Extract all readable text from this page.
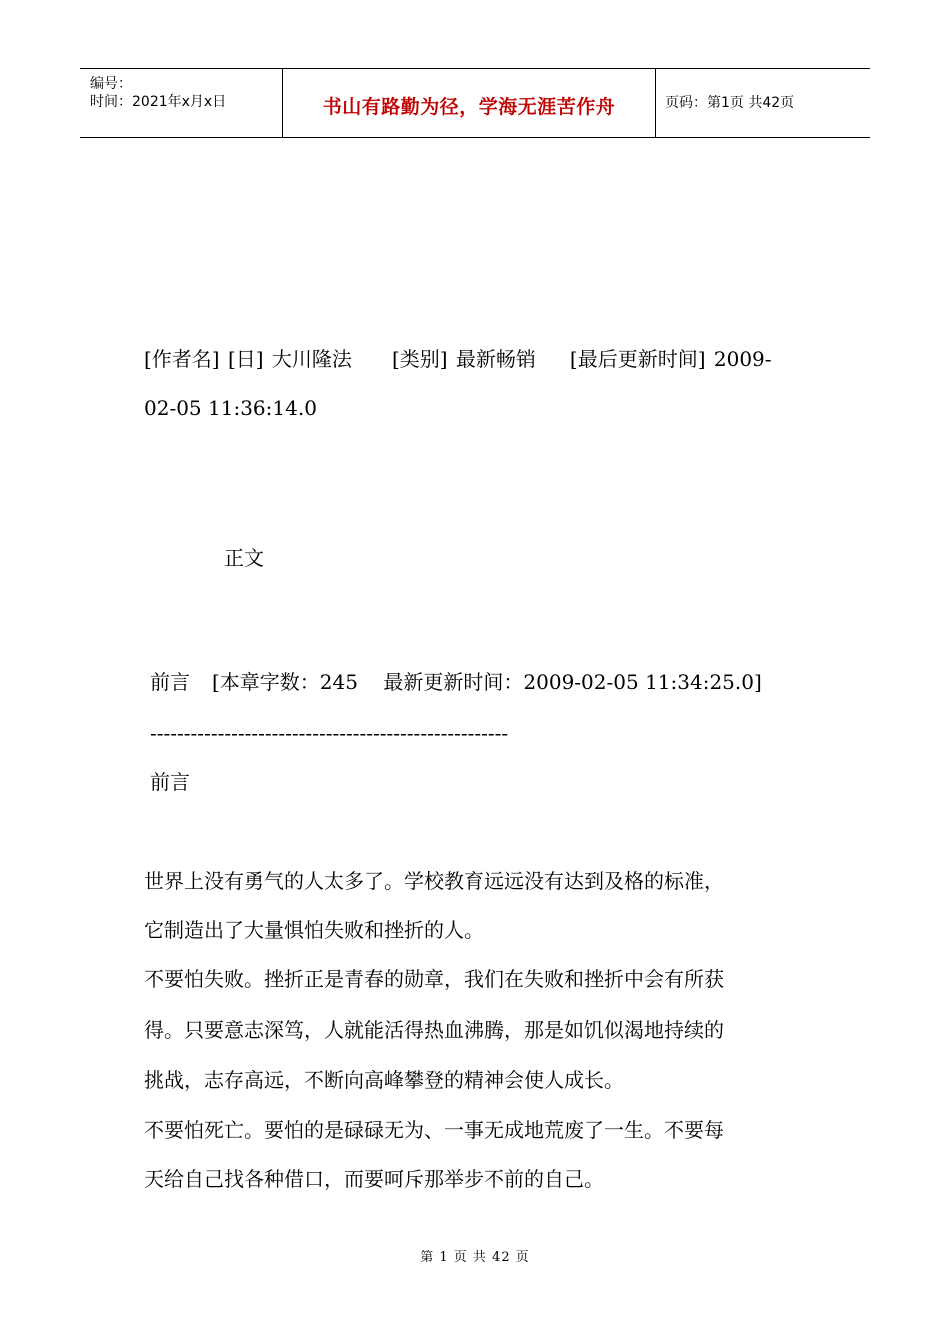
编号：
时间：2021年x月x日	书山有路勤为径，学海无涯苦作舟	页码：第1页 共42页
[作者名] [日] 大川隆法 [类别] 最新畅销 [最后更新时间] 2009-
02-05 11:36:14.0
正文
前言 [本章字数：245    最新更新时间：2009-02-05 11:34:25.0]
-----------------------------------------------------
前言
世界上没有勇气的人太多了。学校教育远远没有达到及格的标准，
它制造出了大量惧怕失败和挫折的人。
不要怕失败。挫折正是青春的勋章，我们在失败和挫折中会有所获
得。只要意志深笃，人就能活得热血沸腾，那是如饥似渴地持续的
挑战，志存高远，不断向高峰攀登的精神会使人成长。
不要怕死亡。要怕的是碌碌无为、一事无成地荒废了一生。不要每
天给自己找各种借口，而要呵斥那举步不前的自己。
第 1 页 共 42 页
